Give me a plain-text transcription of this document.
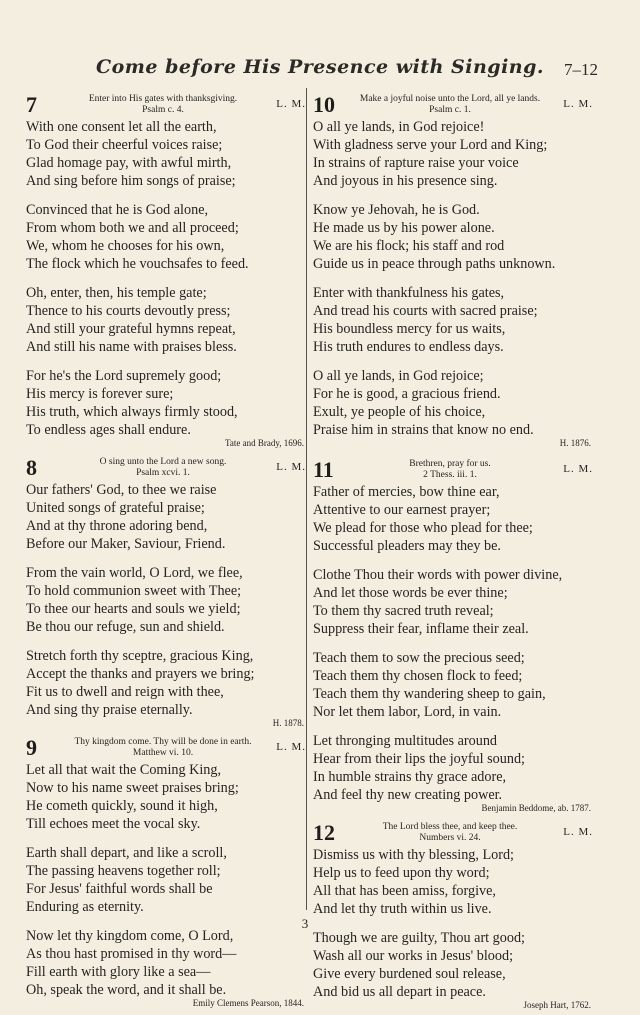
Come before His Presence with Singing.	7–12
7	Enter into His gates with thanksgiving.
Psalm c. 4.	L. M.
With one consent let all the earth,
To God their cheerful voices raise;
Glad homage pay, with awful mirth,
And sing before him songs of praise;
Convinced that he is God alone,
From whom both we and all proceed;
We, whom he chooses for his own,
The flock which he vouchsafes to feed.
Oh, enter, then, his temple gate;
Thence to his courts devoutly press;
And still your grateful hymns repeat,
And still his name with praises bless.
For he's the Lord supremely good;
His mercy is forever sure;
His truth, which always firmly stood,
To endless ages shall endure.
Tate and Brady, 1696.
8	O sing unto the Lord a new song.
Psalm xcvi. 1.	L. M.
Our fathers' God, to thee we raise
United songs of grateful praise;
And at thy throne adoring bend,
Before our Maker, Saviour, Friend.
From the vain world, O Lord, we flee,
To hold communion sweet with Thee;
To thee our hearts and souls we yield;
Be thou our refuge, sun and shield.
Stretch forth thy sceptre, gracious King,
Accept the thanks and prayers we bring;
Fit us to dwell and reign with thee,
And sing thy praise eternally.
H. 1878.
9	Thy kingdom come. Thy will be done in earth.
Matthew vi. 10.	L. M.
Let all that wait the Coming King,
Now to his name sweet praises bring;
He cometh quickly, sound it high,
Till echoes meet the vocal sky.
Earth shall depart, and like a scroll,
The passing heavens together roll;
For Jesus' faithful words shall be
Enduring as eternity.
Now let thy kingdom come, O Lord,
As thou hast promised in thy word—
Fill earth with glory like a sea—
Oh, speak the word, and it shall be.
Emily Clemens Pearson, 1844.
10	Make a joyful noise unto the Lord, all ye lands.
Psalm c. 1.	L. M.
O all ye lands, in God rejoice!
With gladness serve your Lord and King;
In strains of rapture raise your voice
And joyous in his presence sing.
Know ye Jehovah, he is God.
He made us by his power alone.
We are his flock; his staff and rod
Guide us in peace through paths unknown.
Enter with thankfulness his gates,
And tread his courts with sacred praise;
His boundless mercy for us waits,
His truth endures to endless days.
O all ye lands, in God rejoice;
For he is good, a gracious friend.
Exult, ye people of his choice,
Praise him in strains that know no end.
H. 1876.
11	Brethren, pray for us.
2 Thess. iii. 1.	L. M.
Father of mercies, bow thine ear,
Attentive to our earnest prayer;
We plead for those who plead for thee;
Successful pleaders may they be.
Clothe Thou their words with power divine,
And let those words be ever thine;
To them thy sacred truth reveal;
Suppress their fear, inflame their zeal.
Teach them to sow the precious seed;
Teach them thy chosen flock to feed;
Teach them thy wandering sheep to gain,
Nor let them labor, Lord, in vain.
Let thronging multitudes around
Hear from their lips the joyful sound;
In humble strains thy grace adore,
And feel thy new creating power.
Benjamin Beddome, ab. 1787.
12	The Lord bless thee, and keep thee.
Numbers vi. 24.	L. M.
Dismiss us with thy blessing, Lord;
Help us to feed upon thy word;
All that has been amiss, forgive,
And let thy truth within us live.
Though we are guilty, Thou art good;
Wash all our works in Jesus' blood;
Give every burdened soul release,
And bid us all depart in peace.
Joseph Hart, 1762.
3
